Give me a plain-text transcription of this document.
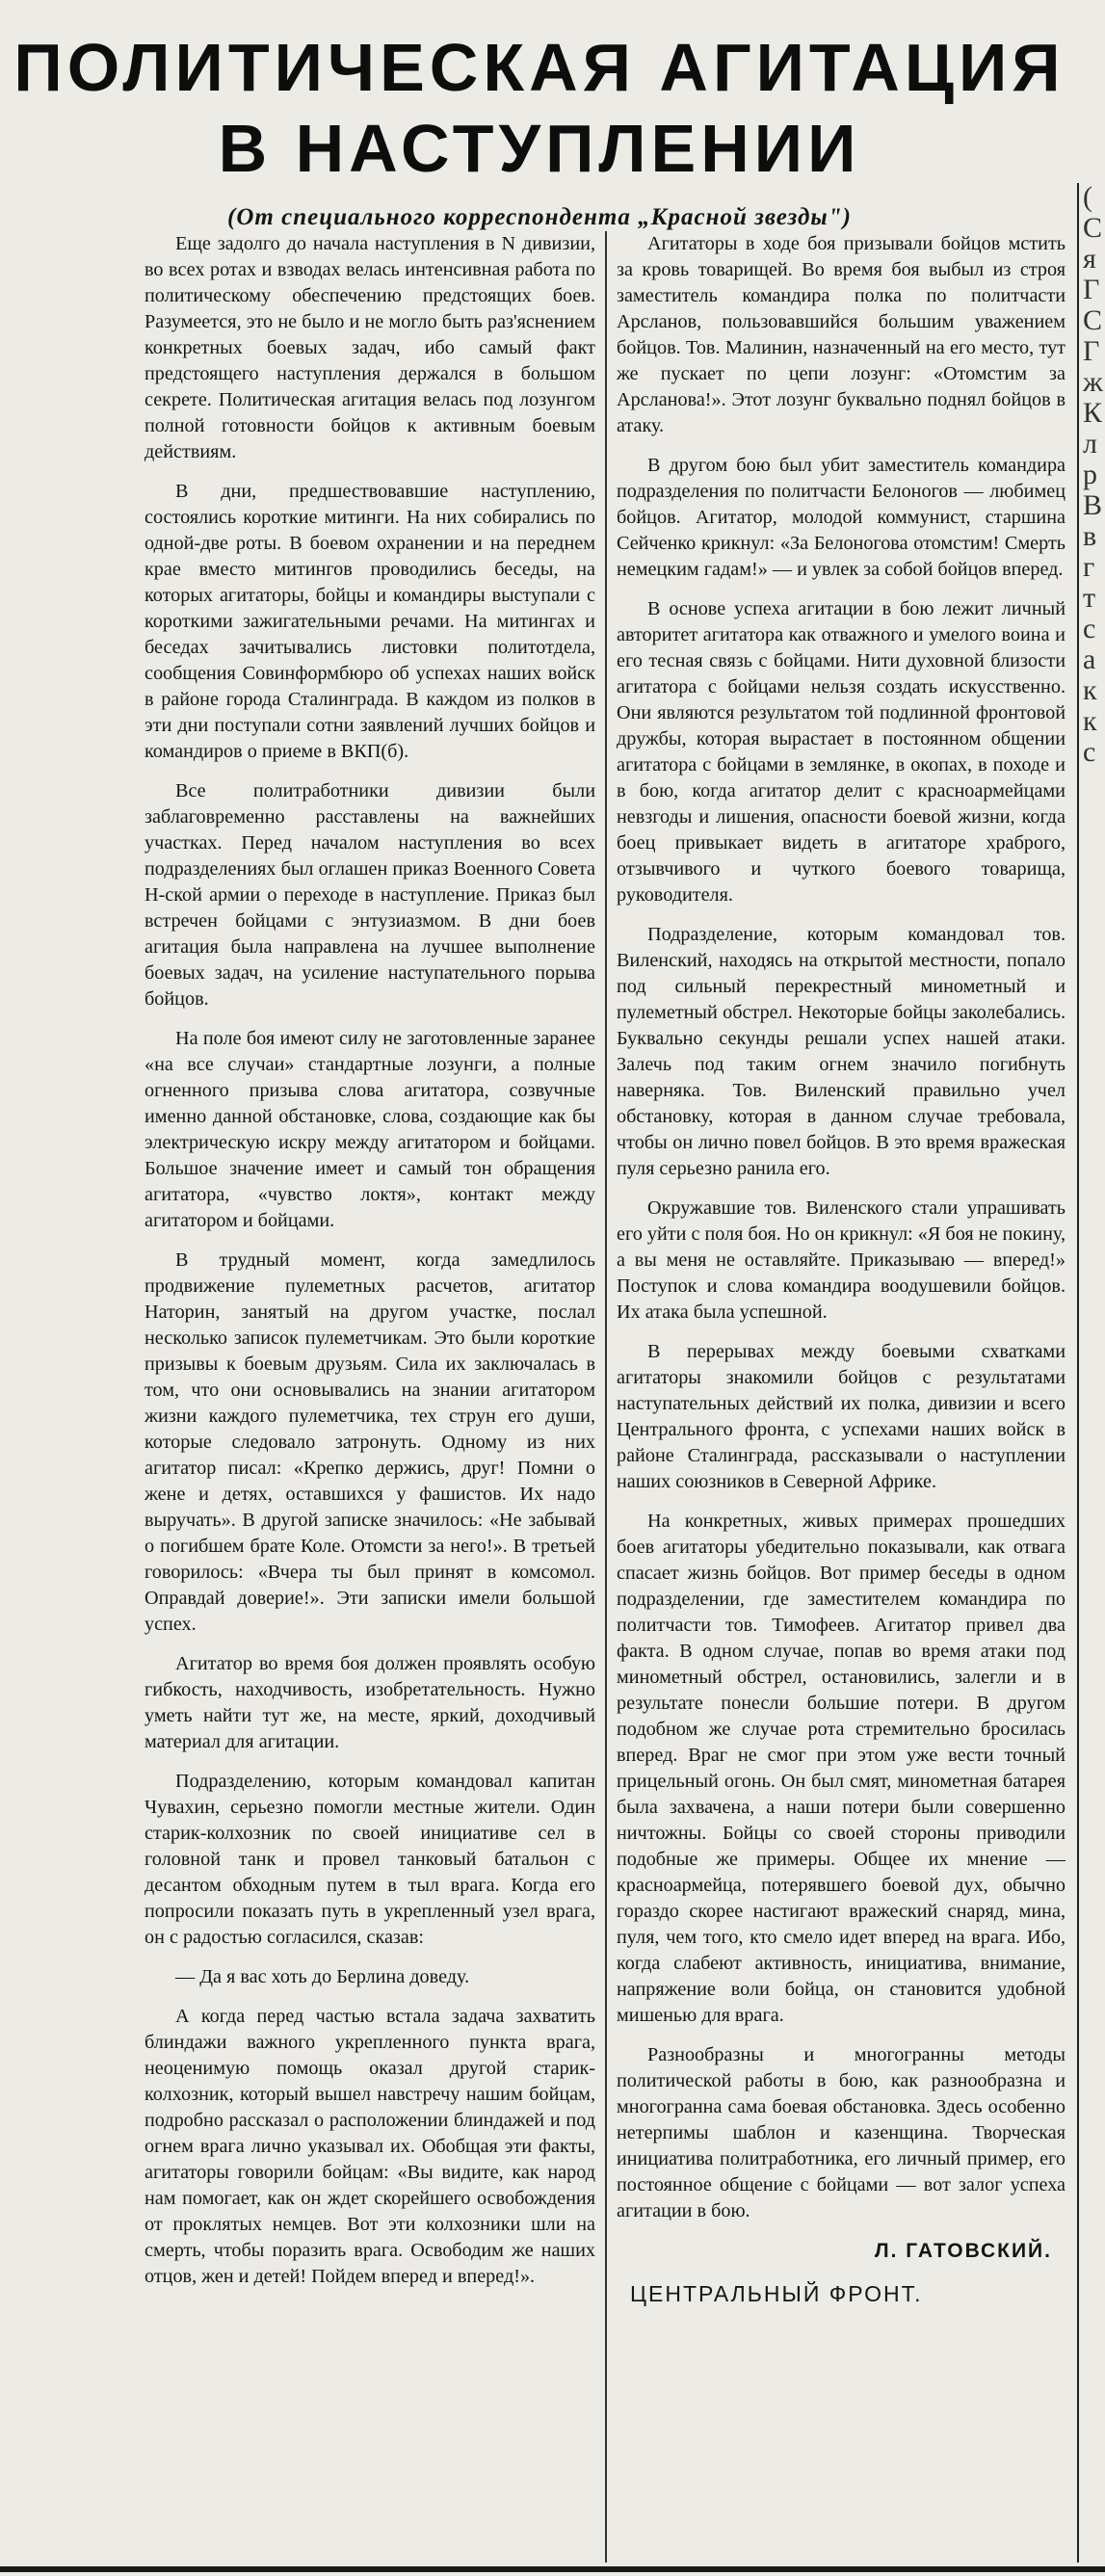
ПОЛИТИЧЕСКАЯ АГИТАЦИЯ
В НАСТУПЛЕНИИ
(От специального корреспондента „Красной звезды")

Еще задолго до начала наступления в N дивизии, во всех ротах и взводах велась интенсивная работа по политическому обеспечению предстоящих боев. Разумеется, это не было и не могло быть раз'яснением конкретных боевых задач, ибо самый факт предстоящего наступления держался в большом секрете. Политическая агитация велась под лозунгом полной готовности бойцов к активным боевым действиям.

В дни, предшествовавшие наступлению, состоялись короткие митинги. На них собирались по одной-две роты. В боевом охранении и на переднем крае вместо митингов проводились беседы, на которых агитаторы, бойцы и командиры выступали с короткими зажигательными речами. На митингах и беседах зачитывались листовки политотдела, сообщения Совинформбюро об успехах наших войск в районе города Сталинграда. В каждом из полков в эти дни поступали сотни заявлений лучших бойцов и командиров о приеме в ВКП(б).

Все политработники дивизии были заблаговременно расставлены на важнейших участках. Перед началом наступления во всех подразделениях был оглашен приказ Военного Совета Н-ской армии о переходе в наступление. Приказ был встречен бойцами с энтузиазмом. В дни боев агитация была направлена на лучшее выполнение боевых задач, на усиление наступательного порыва бойцов.

На поле боя имеют силу не заготовленные заранее «на все случаи» стандартные лозунги, а полные огненного призыва слова агитатора, созвучные именно данной обстановке, слова, создающие как бы электрическую искру между агитатором и бойцами. Большое значение имеет и самый тон обращения агитатора, «чувство локтя», контакт между агитатором и бойцами.

В трудный момент, когда замедлилось продвижение пулеметных расчетов, агитатор Наторин, занятый на другом участке, послал несколько записок пулеметчикам. Это были короткие призывы к боевым друзьям. Сила их заключалась в том, что они основывались на знании агитатором жизни каждого пулеметчика, тех струн его души, которые следовало затронуть. Одному из них агитатор писал: «Крепко держись, друг! Помни о жене и детях, оставшихся у фашистов. Их надо выручать». В другой записке значилось: «Не забывай о погибшем брате Коле. Отомсти за него!». В третьей говорилось: «Вчера ты был принят в комсомол. Оправдай доверие!». Эти записки имели большой успех.

Агитатор во время боя должен проявлять особую гибкость, находчивость, изобретательность. Нужно уметь найти тут же, на месте, яркий, доходчивый материал для агитации.

Подразделению, которым командовал капитан Чувахин, серьезно помогли местные жители. Один старик-колхозник по своей инициативе сел в головной танк и провел танковый батальон с десантом обходным путем в тыл врага. Когда его попросили показать путь в укрепленный узел врага, он с радостью согласился, сказав:

— Да я вас хоть до Берлина доведу.

А когда перед частью встала задача захватить блиндажи важного укрепленного пункта врага, неоценимую помощь оказал другой старик-колхозник, который вышел навстречу нашим бойцам, подробно рассказал о расположении блиндажей и под огнем врага лично указывал их. Обобщая эти факты, агитаторы говорили бойцам: «Вы видите, как народ нам помогает, как он ждет скорейшего освобождения от проклятых немцев. Вот эти колхозники шли на смерть, чтобы поразить врага. Освободим же наших отцов, жен и детей! Пойдем вперед и вперед!».

Агитаторы в ходе боя призывали бойцов мстить за кровь товарищей. Во время боя выбыл из строя заместитель командира полка по политчасти Арсланов, пользовавшийся большим уважением бойцов. Тов. Малинин, назначенный на его место, тут же пускает по цепи лозунг: «Отомстим за Арсланова!». Этот лозунг буквально поднял бойцов в атаку.

В другом бою был убит заместитель командира подразделения по политчасти Белоногов — любимец бойцов. Агитатор, молодой коммунист, старшина Сейченко крикнул: «За Белоногова отомстим! Смерть немецким гадам!» — и увлек за собой бойцов вперед.

В основе успеха агитации в бою лежит личный авторитет агитатора как отважного и умелого воина и его тесная связь с бойцами. Нити духовной близости агитатора с бойцами нельзя создать искусственно. Они являются результатом той подлинной фронтовой дружбы, которая вырастает в постоянном общении агитатора с бойцами в землянке, в окопах, в походе и в бою, когда агитатор делит с красноармейцами невзгоды и лишения, опасности боевой жизни, когда боец привыкает видеть в агитаторе храброго, отзывчивого и чуткого боевого товарища, руководителя.

Подразделение, которым командовал тов. Виленский, находясь на открытой местности, попало под сильный перекрестный минометный и пулеметный обстрел. Некоторые бойцы заколебались. Буквально секунды решали успех нашей атаки. Залечь под таким огнем значило погибнуть наверняка. Тов. Виленский правильно учел обстановку, которая в данном случае требовала, чтобы он лично повел бойцов. В это время вражеская пуля серьезно ранила его.

Окружавшие тов. Виленского стали упрашивать его уйти с поля боя. Но он крикнул: «Я боя не покину, а вы меня не оставляйте. Приказываю — вперед!» Поступок и слова командира воодушевили бойцов. Их атака была успешной.

В перерывах между боевыми схватками агитаторы знакомили бойцов с результатами наступательных действий их полка, дивизии и всего Центрального фронта, с успехами наших войск в районе Сталинграда, рассказывали о наступлении наших союзников в Северной Африке.

На конкретных, живых примерах прошедших боев агитаторы убедительно показывали, как отвага спасает жизнь бойцов. Вот пример беседы в одном подразделении, где заместителем командира по политчасти тов. Тимофеев. Агитатор привел два факта. В одном случае, попав во время атаки под минометный обстрел, остановились, залегли и в результате понесли большие потери. В другом подобном же случае рота стремительно бросилась вперед. Враг не смог при этом уже вести точный прицельный огонь. Он был смят, минометная батарея была захвачена, а наши потери были совершенно ничтожны. Бойцы со своей стороны приводили подобные же примеры. Общее их мнение — красноармейца, потерявшего боевой дух, обычно гораздо скорее настигают вражеский снаряд, мина, пуля, чем того, кто смело идет вперед на врага. Ибо, когда слабеют активность, инициатива, внимание, напряжение воли бойца, он становится удобной мишенью для врага.

Разнообразны и многогранны методы политической работы в бою, как разнообразна и многогранна сама боевая обстановка. Здесь особенно нетерпимы шаблон и казенщина. Творческая инициатива политработника, его личный пример, его постоянное общение с бойцами — вот залог успеха агитации в бою.

Л. ГАТОВСКИЙ.
ЦЕНТРАЛЬНЫЙ ФРОНТ.
(
С
я
Г
С
Г
ж
К
л
р
В
в
г
т
с
а
к
к
с
